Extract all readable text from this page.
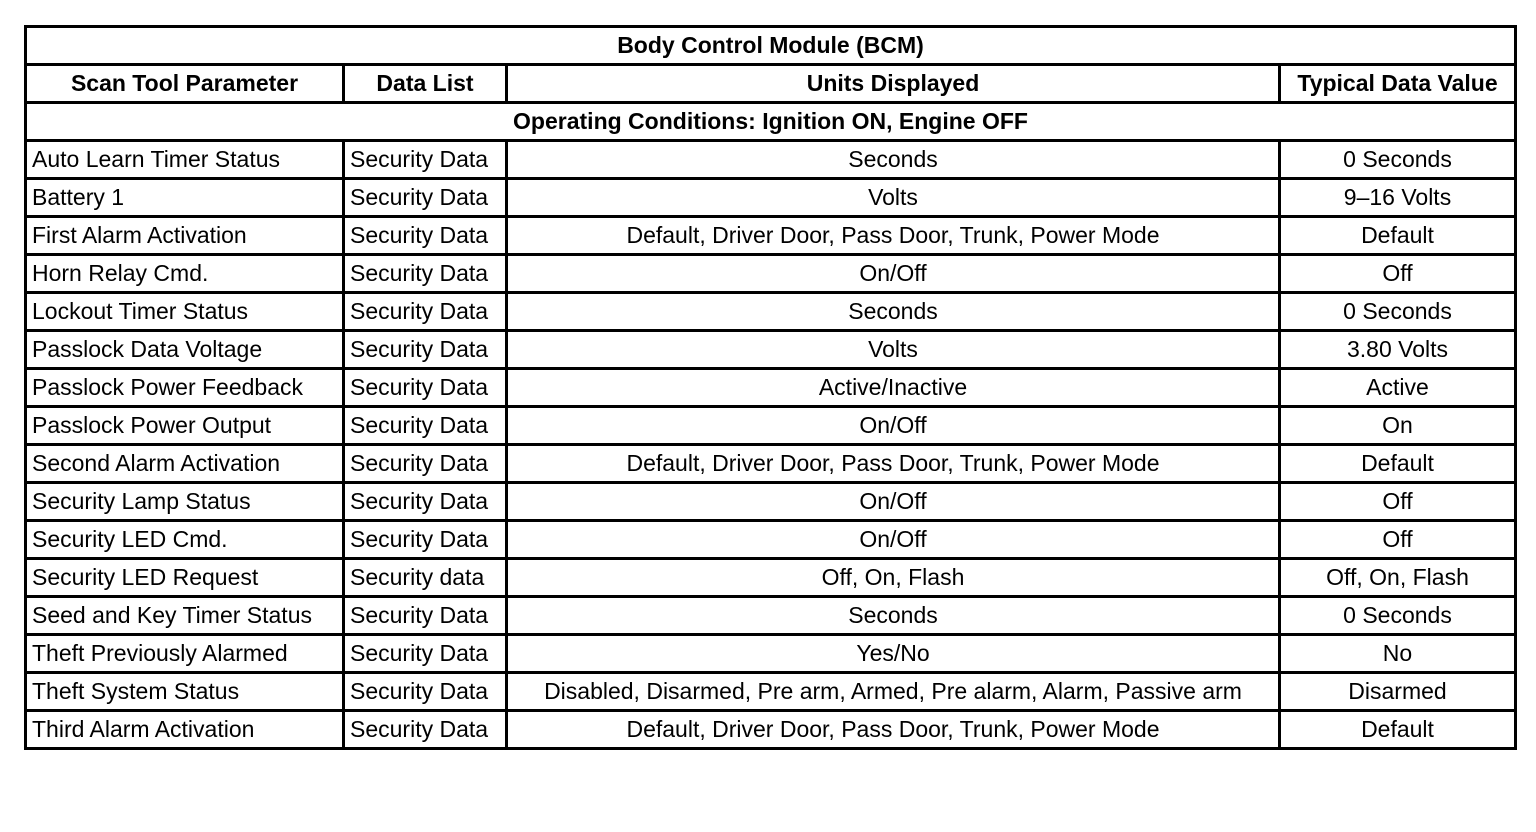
Body Control Module (BCM)			
Scan Tool Parameter	Data List	Units Displayed	Typical Data Value
Operating Conditions: Ignition ON, Engine OFF			
Auto Learn Timer Status	Security Data	Seconds	0 Seconds
Battery 1	Security Data	Volts	9–16 Volts
First Alarm Activation	Security Data	Default, Driver Door, Pass Door, Trunk, Power Mode	Default
Horn Relay Cmd.	Security Data	On/Off	Off
Lockout Timer Status	Security Data	Seconds	0 Seconds
Passlock Data Voltage	Security Data	Volts	3.80 Volts
Passlock Power Feedback	Security Data	Active/Inactive	Active
Passlock Power Output	Security Data	On/Off	On
Second Alarm Activation	Security Data	Default, Driver Door, Pass Door, Trunk, Power Mode	Default
Security Lamp Status	Security Data	On/Off	Off
Security LED Cmd.	Security Data	On/Off	Off
Security LED Request	Security data	Off, On, Flash	Off, On, Flash
Seed and Key Timer Status	Security Data	Seconds	0 Seconds
Theft Previously Alarmed	Security Data	Yes/No	No
Theft System Status	Security Data	Disabled, Disarmed, Pre arm, Armed, Pre alarm, Alarm, Passive arm	Disarmed
Third Alarm Activation	Security Data	Default, Driver Door, Pass Door, Trunk, Power Mode	Default
